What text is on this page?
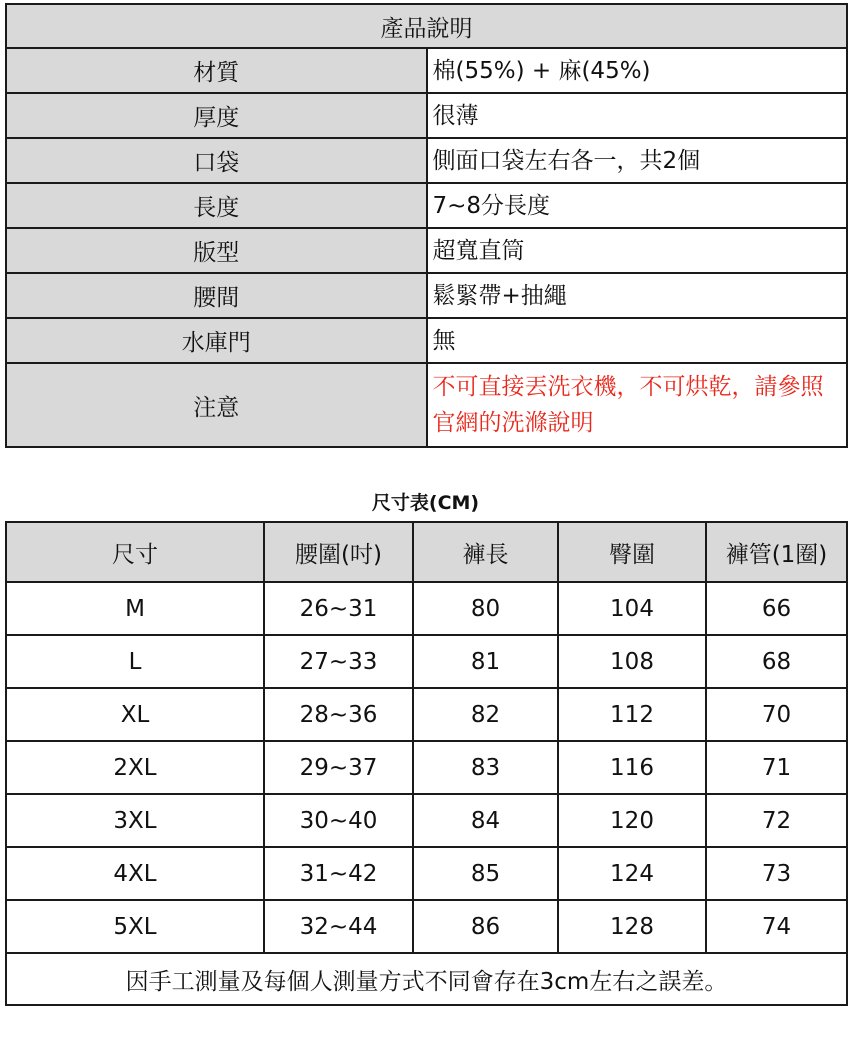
產品說明	
材質	棉(55%) + 麻(45%)
厚度	很薄
口袋	側面口袋左右各一，共2個
長度	7~8分長度
版型	超寬直筒
腰間	鬆緊帶+抽繩
水庫門	無
注意	不可直接丟洗衣機，不可烘乾，請參照官網的洗滌說明
尺寸表(CM)
尺寸	腰圍(吋)	褲長	臀圍	褲管(1圈)
M	26~31	80	104	66
L	27~33	81	108	68
XL	28~36	82	112	70
2XL	29~37	83	116	71
3XL	30~40	84	120	72
4XL	31~42	85	124	73
5XL	32~44	86	128	74
因手工測量及每個人測量方式不同會存在3cm左右之誤差。				
